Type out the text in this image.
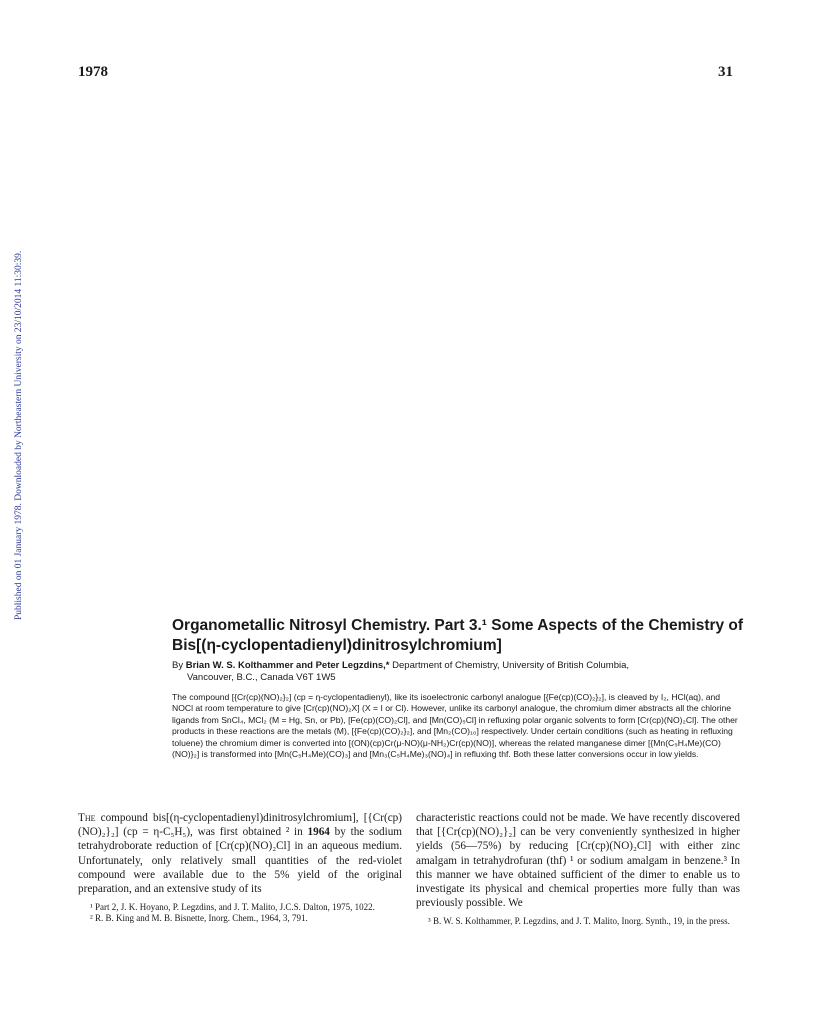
1978	31
Published on 01 January 1978. Downloaded by Northeastern University on 23/10/2014 11:30:39.
Organometallic Nitrosyl Chemistry. Part 3.¹ Some Aspects of the Chemistry of Bis[(η-cyclopentadienyl)dinitrosylchromium]

By Brian W. S. Kolthammer and Peter Legzdins,* Department of Chemistry, University of British Columbia,
Vancouver, B.C., Canada V6T 1W5

The compound [{Cr(cp)(NO)₂}₂] (cp = η-cyclopentadienyl), like its isoelectronic carbonyl analogue [{Fe(cp)(CO)₂}₂], is cleaved by I₂, HCl(aq), and NOCl at room temperature to give [Cr(cp)(NO)₂X] (X = I or Cl). However, unlike its carbonyl analogue, the chromium dimer abstracts all the chlorine ligands from SnCl₄, MCl₂ (M = Hg, Sn, or Pb), [Fe(cp)(CO)₂Cl], and [Mn(CO)₅Cl] in refluxing polar organic solvents to form [Cr(cp)(NO)₂Cl]. The other products in these reactions are the metals (M), [{Fe(cp)(CO)₂}₂], and [Mn₂(CO)₁₀] respectively. Under certain conditions (such as heating in refluxing toluene) the chromium dimer is converted into [(ON)(cp)Cr(μ-NO)(μ-NH₂)Cr(cp)(NO)], whereas the related manganese dimer [{Mn(C₅H₄Me)(CO)(NO)}₂] is transformed into [Mn(C₅H₄Me)(CO)₃] and [Mn₃(C₅H₄Me)₃(NO)₄] in refluxing thf. Both these latter conversions occur in low yields.

The compound bis[(η-cyclopentadienyl)dinitrosylchromium], [{Cr(cp)(NO)₂}₂] (cp = η-C₅H₅), was first obtained ² in 1964 by the sodium tetrahydroborate reduction of [Cr(cp)(NO)₂Cl] in an aqueous medium. Unfortunately, only relatively small quantities of the red-violet compound were available due to the 5% yield of the original preparation, and an extensive study of its

¹ Part 2, J. K. Hoyano, P. Legzdins, and J. T. Malito, J.C.S. Dalton, 1975, 1022.

² R. B. King and M. B. Bisnette, Inorg. Chem., 1964, 3, 791.

characteristic reactions could not be made. We have recently discovered that [{Cr(cp)(NO)₂}₂] can be very conveniently synthesized in higher yields (56—75%) by reducing [Cr(cp)(NO)₂Cl] with either zinc amalgam in tetrahydrofuran (thf) ¹ or sodium amalgam in benzene.³ In this manner we have obtained sufficient of the dimer to enable us to investigate its physical and chemical properties more fully than was previously possible. We

³ B. W. S. Kolthammer, P. Legzdins, and J. T. Malito, Inorg. Synth., 19, in the press.
